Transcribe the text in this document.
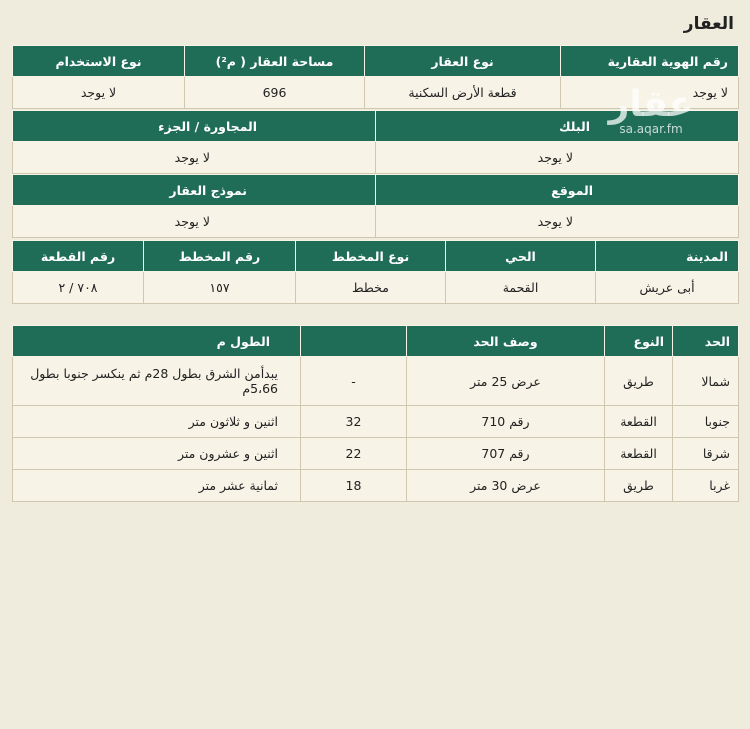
العقار
رقم الهوية العقارية	نوع العقار	مساحة العقار ( م²)	نوع الاستخدام
لا يوجد	قطعة الأرض السكنية	696	لا يوجد
البلك	المجاورة / الجزء
لا يوجد	لا يوجد
الموقع	نموذج العقار
لا يوجد	لا يوجد
المدينة	الحي	نوع المخطط	رقم المخطط	رقم القطعة
أبى عريش	القحمة	مخطط	١٥٧	٧٠٨ / ٢
الحد	النوع	وصف الحد		الطول م
شمالا	طريق	عرض 25 متر	-	يبدأمن الشرق بطول 28م ثم ينكسر جنوبا بطول 5،66م
جنوبا	القطعة	رقم 710	32	اثنين و ثلاثون متر
شرقا	القطعة	رقم 707	22	اثنين و عشرون متر
غربا	طريق	عرض 30 متر	18	ثمانية عشر متر
عقار
sa.aqar.fm
